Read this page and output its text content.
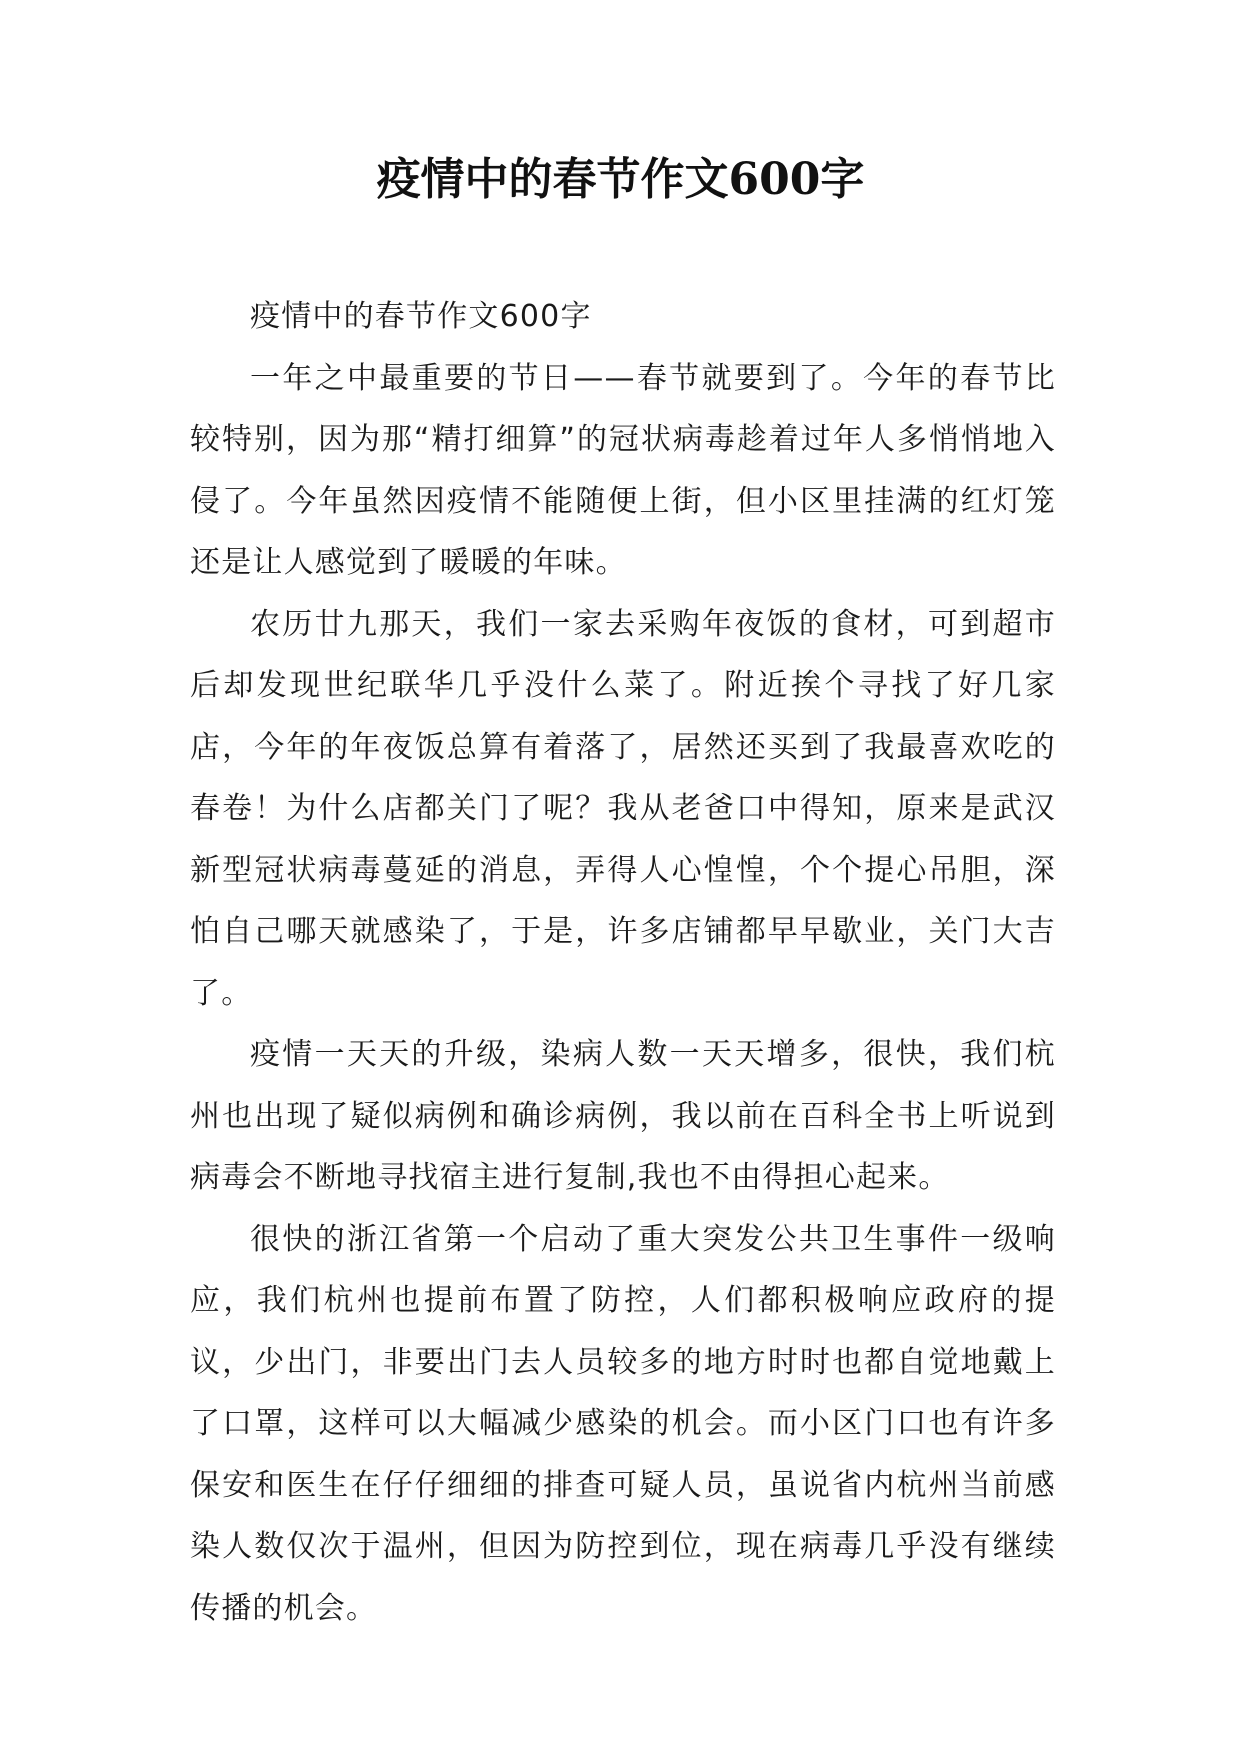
疫情中的春节作文600字

疫情中的春节作文600字

一年之中最重要的节日——春节就要到了。今年的春节比较特别，因为那“精打细算”的冠状病毒趁着过年人多悄悄地入侵了。今年虽然因疫情不能随便上街，但小区里挂满的红灯笼还是让人感觉到了暖暖的年味。

农历廿九那天，我们一家去采购年夜饭的食材，可到超市后却发现世纪联华几乎没什么菜了。附近挨个寻找了好几家店，今年的年夜饭总算有着落了，居然还买到了我最喜欢吃的春卷！为什么店都关门了呢？我从老爸口中得知，原来是武汉新型冠状病毒蔓延的消息，弄得人心惶惶，个个提心吊胆，深怕自己哪天就感染了，于是，许多店铺都早早歇业，关门大吉了。

疫情一天天的升级，染病人数一天天增多，很快，我们杭州也出现了疑似病例和确诊病例，我以前在百科全书上听说到病毒会不断地寻找宿主进行复制,我也不由得担心起来。

很快的浙江省第一个启动了重大突发公共卫生事件一级响应，我们杭州也提前布置了防控，人们都积极响应政府的提议，少出门，非要出门去人员较多的地方时时也都自觉地戴上了口罩，这样可以大幅减少感染的机会。而小区门口也有许多保安和医生在仔仔细细的排查可疑人员，虽说省内杭州当前感染人数仅次于温州，但因为防控到位，现在病毒几乎没有继续传播的机会。
